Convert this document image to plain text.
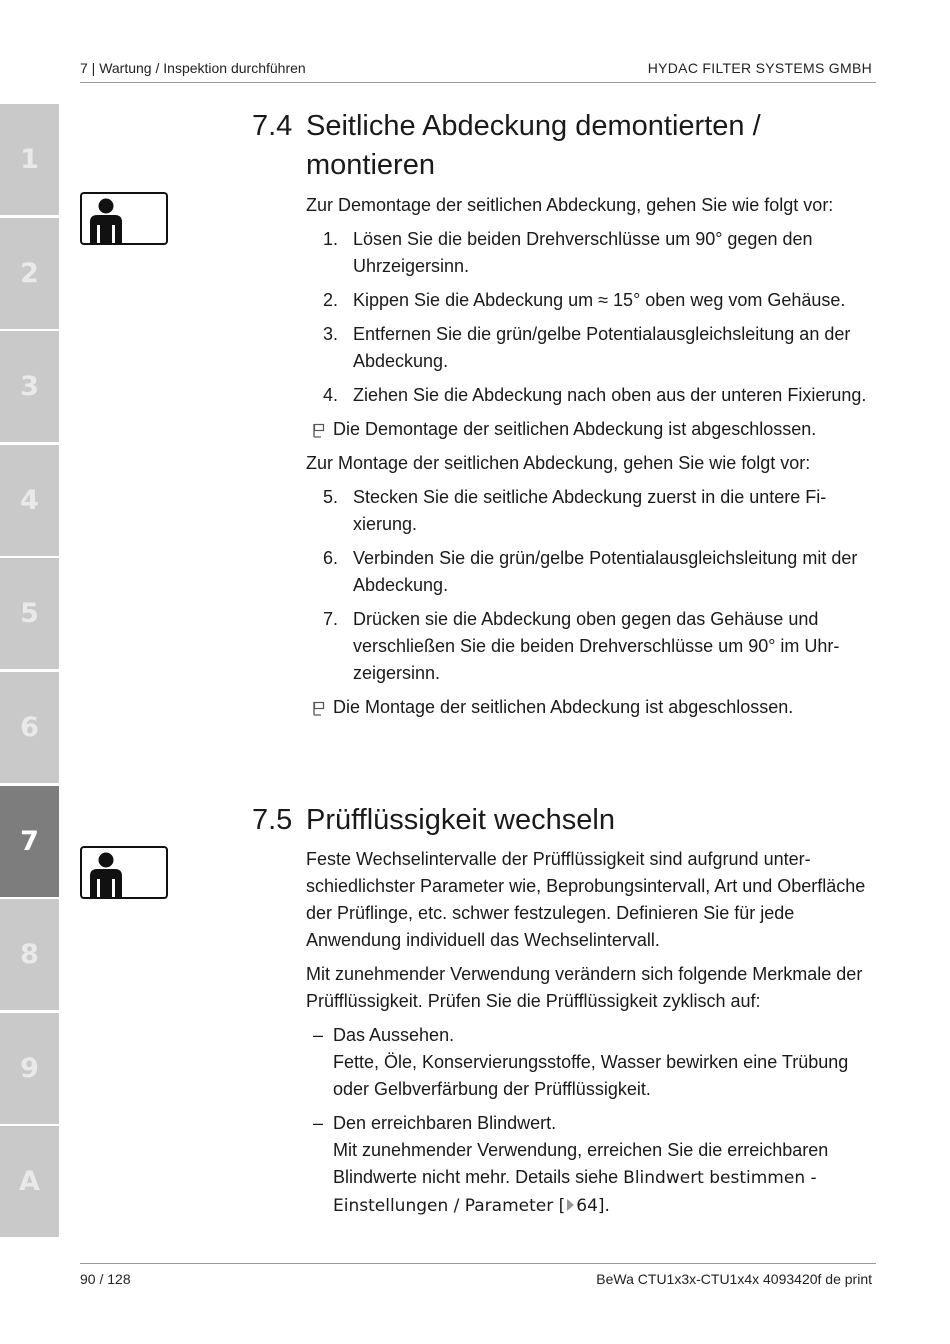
7 | Wartung / Inspektion durchführen	HYDAC FILTER SYSTEMS GMBH
1
2
3
4
5
6
7
8
9
A
7.4 Seitliche Abdeckung demontierten /
montieren

Zur Demontage der seitlichen Abdeckung, gehen Sie wie folgt vor:

1. Lösen Sie die beiden Drehverschlüsse um 90° gegen den Uhrzeigersinn.
2. Kippen Sie die Abdeckung um ≈ 15° oben weg vom Gehäuse.
3. Entfernen Sie die grün/gelbe Potentialausgleichsleitung an der Abdeckung.
4. Ziehen Sie die Abdeckung nach oben aus der unteren Fixierung.
Die Demontage der seitlichen Abdeckung ist abgeschlossen.

Zur Montage der seitlichen Abdeckung, gehen Sie wie folgt vor:

5. Stecken Sie die seitliche Abdeckung zuerst in die untere Fixierung.
6. Verbinden Sie die grün/gelbe Potentialausgleichsleitung mit der Abdeckung.
7. Drücken sie die Abdeckung oben gegen das Gehäuse und verschließen Sie die beiden Drehverschlüsse um 90° im Uhrzeigersinn.
Die Montage der seitlichen Abdeckung ist abgeschlossen.
7.5 Prüfflüssigkeit wechseln

Feste Wechselintervalle der Prüfflüssigkeit sind aufgrund unterschiedlichster Parameter wie, Beprobungsintervall, Art und Oberfläche der Prüflinge, etc. schwer festzulegen. Definieren Sie für jede Anwendung individuell das Wechselintervall.

Mit zunehmender Verwendung verändern sich folgende Merkmale der Prüfflüssigkeit. Prüfen Sie die Prüfflüssigkeit zyklisch auf:

– Das Aussehen.
Fette, Öle, Konservierungsstoffe, Wasser bewirken eine Trübung oder Gelbverfärbung der Prüfflüssigkeit.
– Den erreichbaren Blindwert.
Mit zunehmender Verwendung, erreichen Sie die erreichbaren Blindwerte nicht mehr. Details siehe Blindwert bestimmen - Einstellungen / Parameter [ 64].
90 / 128	BeWa CTU1x3x-CTU1x4x 4093420f de print
